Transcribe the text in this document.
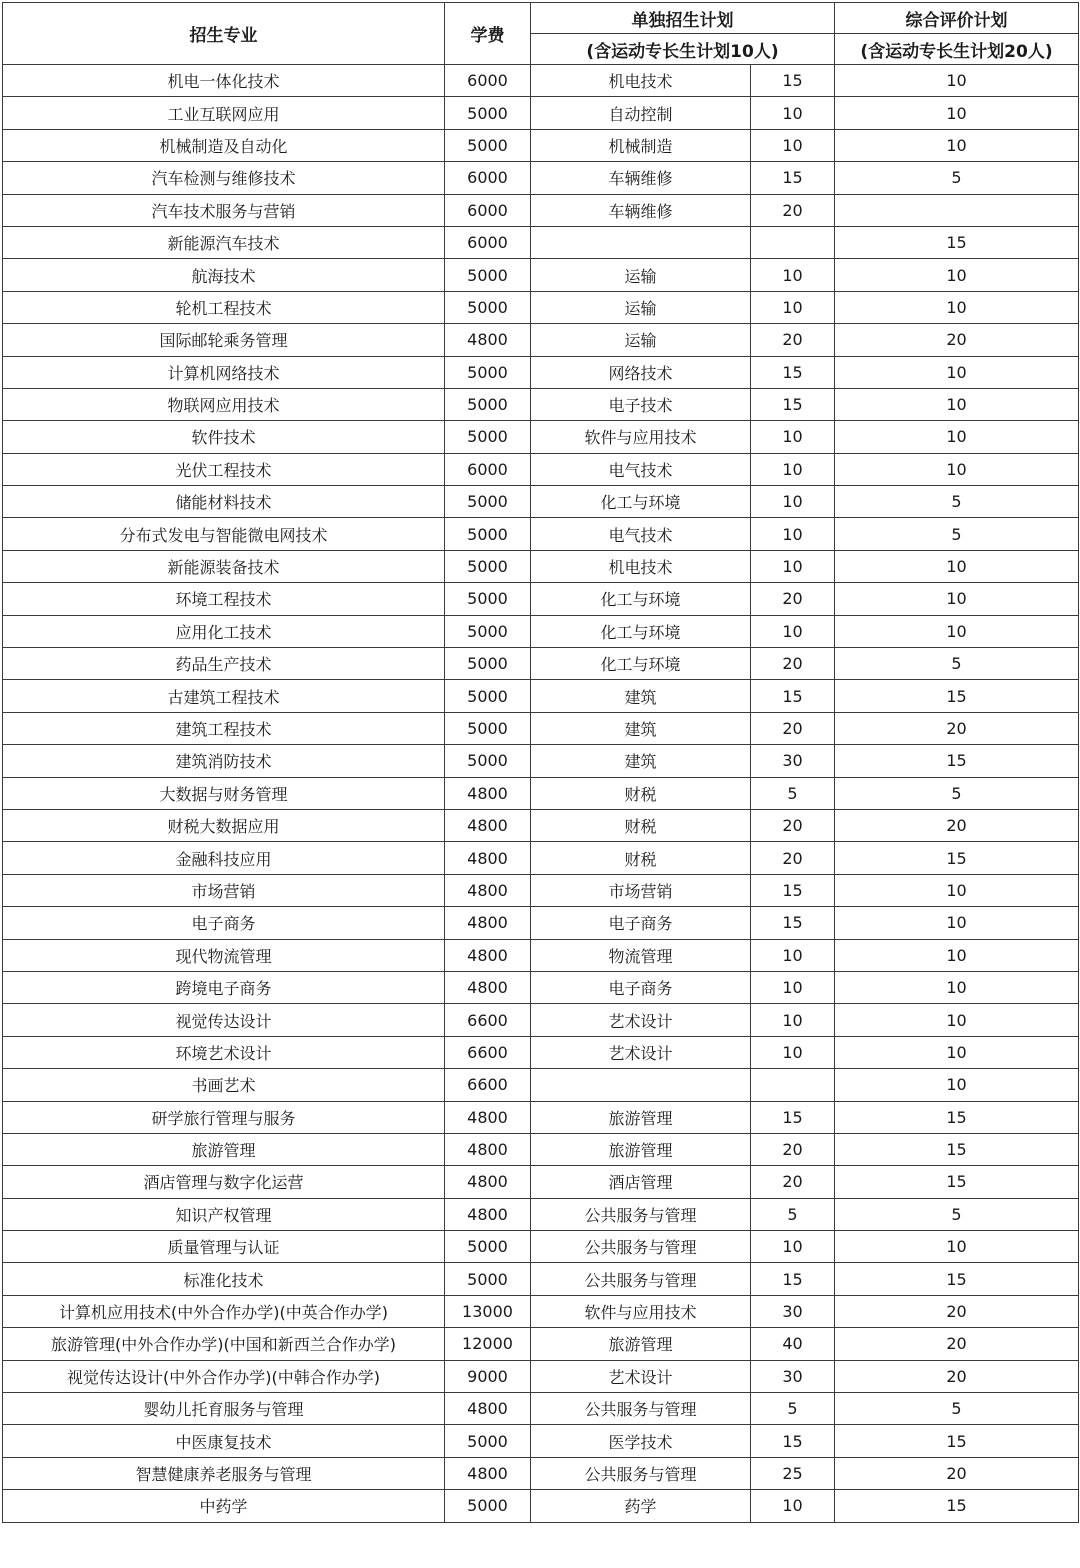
招生专业	学费	单独招生计划		综合评价计划
		(含运动专长生计划10人)		(含运动专长生计划20人)
机电一体化技术	6000	机电技术	15	10
工业互联网应用	5000	自动控制	10	10
机械制造及自动化	5000	机械制造	10	10
汽车检测与维修技术	6000	车辆维修	15	5
汽车技术服务与营销	6000	车辆维修	20	
新能源汽车技术	6000			15
航海技术	5000	运输	10	10
轮机工程技术	5000	运输	10	10
国际邮轮乘务管理	4800	运输	20	20
计算机网络技术	5000	网络技术	15	10
物联网应用技术	5000	电子技术	15	10
软件技术	5000	软件与应用技术	10	10
光伏工程技术	6000	电气技术	10	10
储能材料技术	5000	化工与环境	10	5
分布式发电与智能微电网技术	5000	电气技术	10	5
新能源装备技术	5000	机电技术	10	10
环境工程技术	5000	化工与环境	20	10
应用化工技术	5000	化工与环境	10	10
药品生产技术	5000	化工与环境	20	5
古建筑工程技术	5000	建筑	15	15
建筑工程技术	5000	建筑	20	20
建筑消防技术	5000	建筑	30	15
大数据与财务管理	4800	财税	5	5
财税大数据应用	4800	财税	20	20
金融科技应用	4800	财税	20	15
市场营销	4800	市场营销	15	10
电子商务	4800	电子商务	15	10
现代物流管理	4800	物流管理	10	10
跨境电子商务	4800	电子商务	10	10
视觉传达设计	6600	艺术设计	10	10
环境艺术设计	6600	艺术设计	10	10
书画艺术	6600			10
研学旅行管理与服务	4800	旅游管理	15	15
旅游管理	4800	旅游管理	20	15
酒店管理与数字化运营	4800	酒店管理	20	15
知识产权管理	4800	公共服务与管理	5	5
质量管理与认证	5000	公共服务与管理	10	10
标准化技术	5000	公共服务与管理	15	15
计算机应用技术(中外合作办学)(中英合作办学)	13000	软件与应用技术	30	20
旅游管理(中外合作办学)(中国和新西兰合作办学)	12000	旅游管理	40	20
视觉传达设计(中外合作办学)(中韩合作办学)	9000	艺术设计	30	20
婴幼儿托育服务与管理	4800	公共服务与管理	5	5
中医康复技术	5000	医学技术	15	15
智慧健康养老服务与管理	4800	公共服务与管理	25	20
中药学	5000	药学	10	15
